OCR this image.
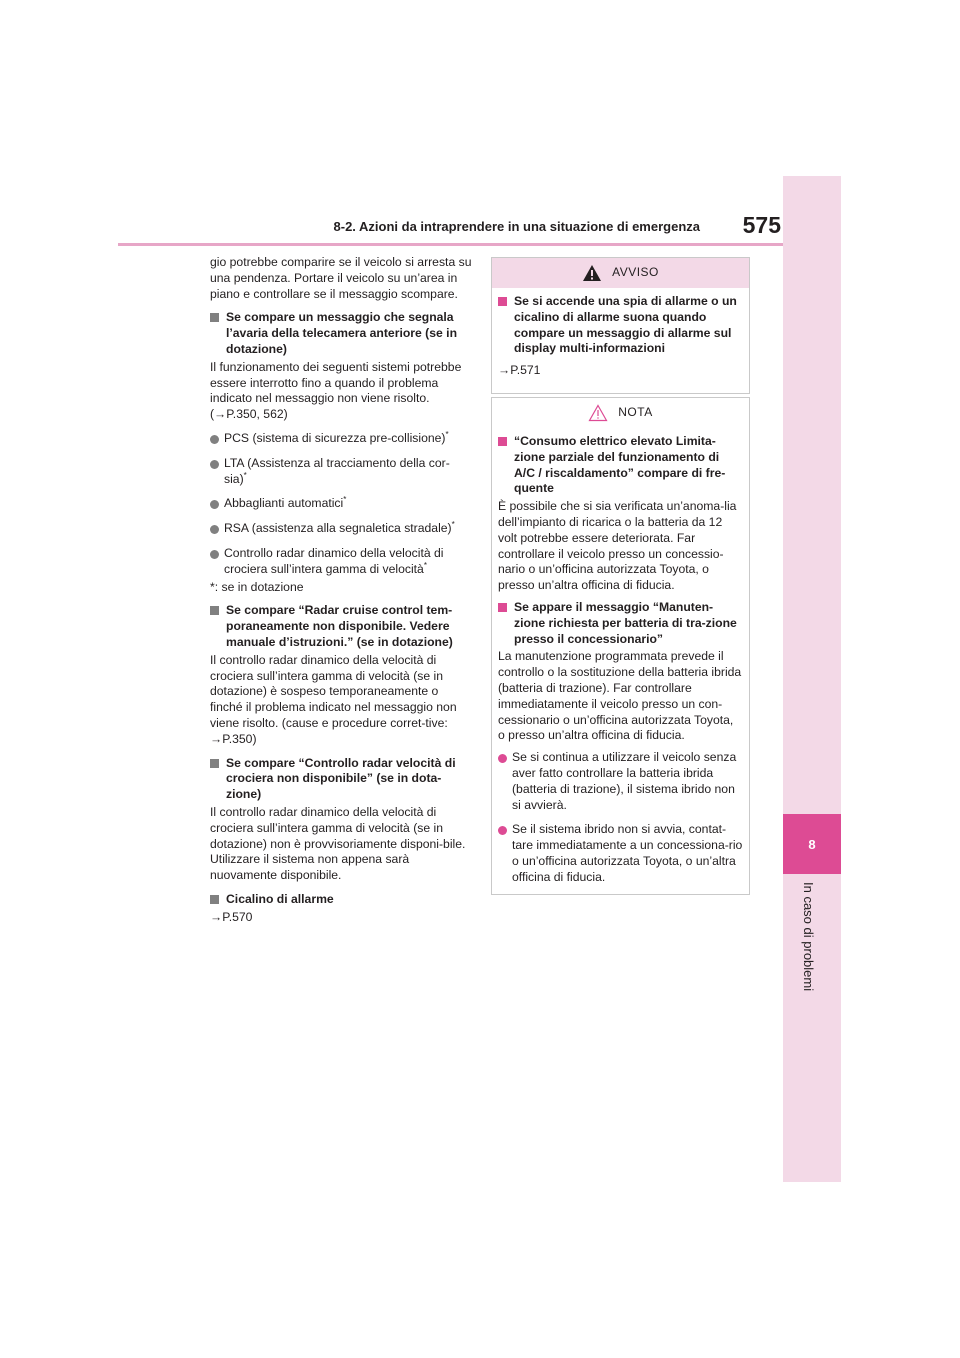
575
8-2. Azioni da intraprendere in una situazione di emergenza
8
In caso di problemi

gio potrebbe comparire se il veicolo si arresta su una pendenza. Portare il veicolo su un’area in piano e controllare se il messaggio scompare.

Se compare un messaggio che segnala l’avaria della telecamera anteriore (se in dotazione)

Il funzionamento dei seguenti sistemi potrebbe essere interrotto fino a quando il problema indicato nel messaggio non viene risolto. (→P.350, 562)

PCS (sistema di sicurezza pre-collisione)*
LTA (Assistenza al tracciamento della cor-sia)*
Abbaglianti automatici*
RSA (assistenza alla segnaletica stradale)*
Controllo radar dinamico della velocità di crociera sull’intera gamma di velocità*

*: se in dotazione

Se compare “Radar cruise control tem-poraneamente non disponibile. Vedere manuale d’istruzioni.” (se in dotazione)

Il controllo radar dinamico della velocità di crociera sull’intera gamma di velocità (se in dotazione) è sospeso temporaneamente o finché il problema indicato nel messaggio non viene risolto. (cause e procedure corret-tive: →P.350)

Se compare “Controllo radar velocità di crociera non disponibile” (se in dota-zione)

Il controllo radar dinamico della velocità di crociera sull’intera gamma di velocità (se in dotazione) non è provvisoriamente disponi-bile. Utilizzare il sistema non appena sarà nuovamente disponibile.

Cicalino di allarme

→P.570

AVVISO
Se si accende una spia di allarme o un cicalino di allarme suona quando compare un messaggio di allarme sul display multi-informazioni

→P.571

NOTA
“Consumo elettrico elevato Limita-zione parziale del funzionamento di A/C / riscaldamento” compare di fre-quente

È possibile che si sia verificata un’anoma-lia dell’impianto di ricarica o la batteria da 12 volt potrebbe essere deteriorata. Far controllare il veicolo presso un concessio-nario o un’officina autorizzata Toyota, o presso un’altra officina di fiducia.

Se appare il messaggio “Manuten-zione richiesta per batteria di tra-zione presso il concessionario”

La manutenzione programmata prevede il controllo o la sostituzione della batteria ibrida (batteria di trazione). Far controllare immediatamente il veicolo presso un con-cessionario o un’officina autorizzata Toyota, o presso un’altra officina di fiducia.

Se si continua a utilizzare il veicolo senza aver fatto controllare la batteria ibrida (batteria di trazione), il sistema ibrido non si avvierà.
Se il sistema ibrido non si avvia, contat-tare immediatamente a un concessiona-rio o un’officina autorizzata Toyota, o un’altra officina di fiducia.
